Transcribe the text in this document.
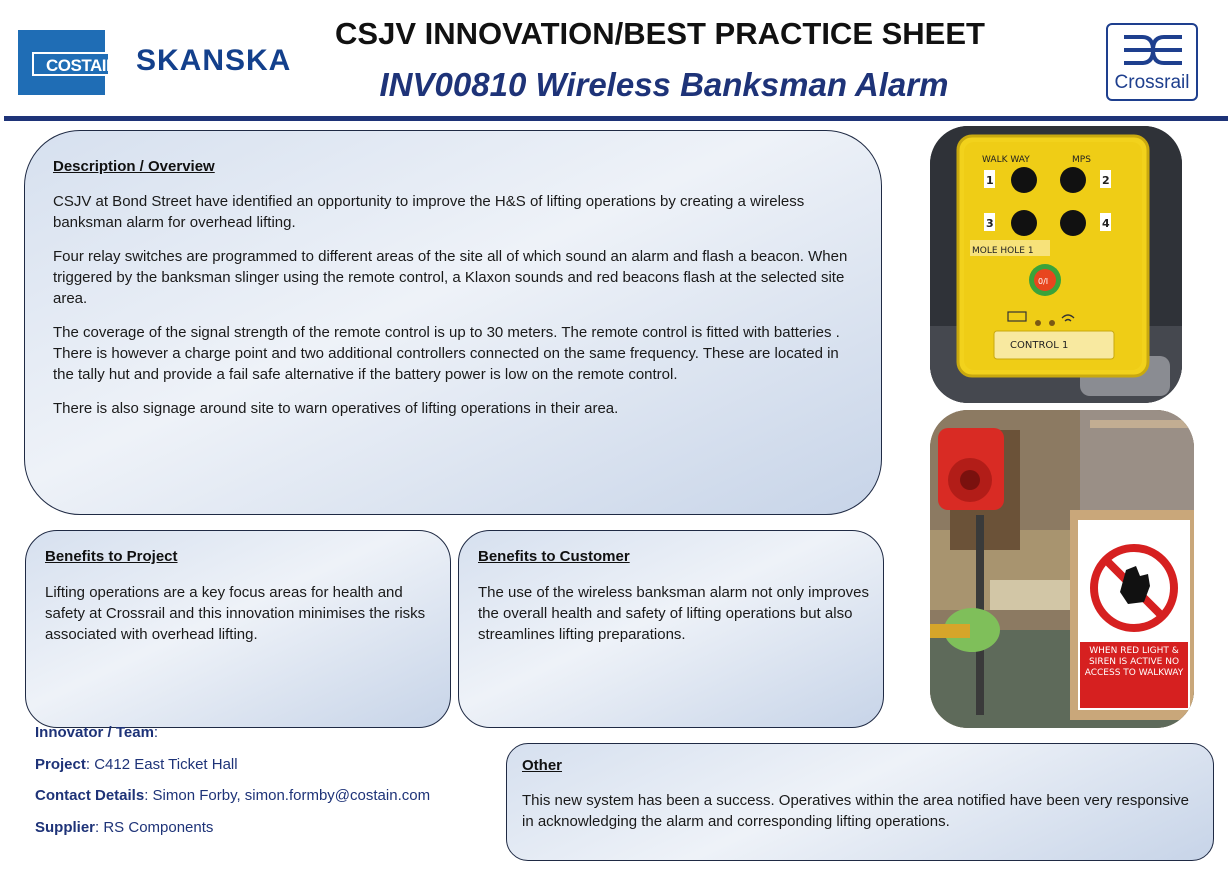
COSTAIN SKANSKA
CSJV INNOVATION/BEST PRACTICE SHEET
INV00810 Wireless Banksman Alarm	Crossrail
Description / Overview

CSJV at Bond Street have identified an opportunity to improve the H&S of lifting operations by creating a wireless banksman alarm for overhead lifting.

Four relay switches are programmed to different areas of the site all of which sound an alarm and flash a beacon. When triggered by the banksman slinger using the remote control, a Klaxon sounds and red beacons flash at the selected site area.

The coverage of the signal strength of the remote control is up to 30 meters. The remote control is fitted with batteries . There is however a charge point and two additional controllers connected on the same frequency. These are located in the tally hut and provide a fail safe alternative if the battery power is low on the remote control.

There is also signage around site to warn operatives of lifting operations in their area.

Benefits to Project

Lifting operations are a key focus areas for health and safety at Crossrail and this innovation minimises the risks associated with overhead lifting.

Benefits to Customer

The use of the wireless banksman alarm not only improves the overall health and safety of lifting operations but also streamlines lifting preparations.

Innovator / Team:
Project: C412 East Ticket Hall
Contact Details: Simon Forby, simon.formby@costain.com
Supplier: RS Components
Other

This new system has been a success. Operatives within the area notified have been very responsive in acknowledging the alarm and corresponding lifting operations.

WALK WAY	MPS
1	2
3	4
MOLE HOLE 1
0/I
CONTROL 1
WHEN RED LIGHT & SIREN IS ACTIVE NO ACCESS TO WALKWAY
